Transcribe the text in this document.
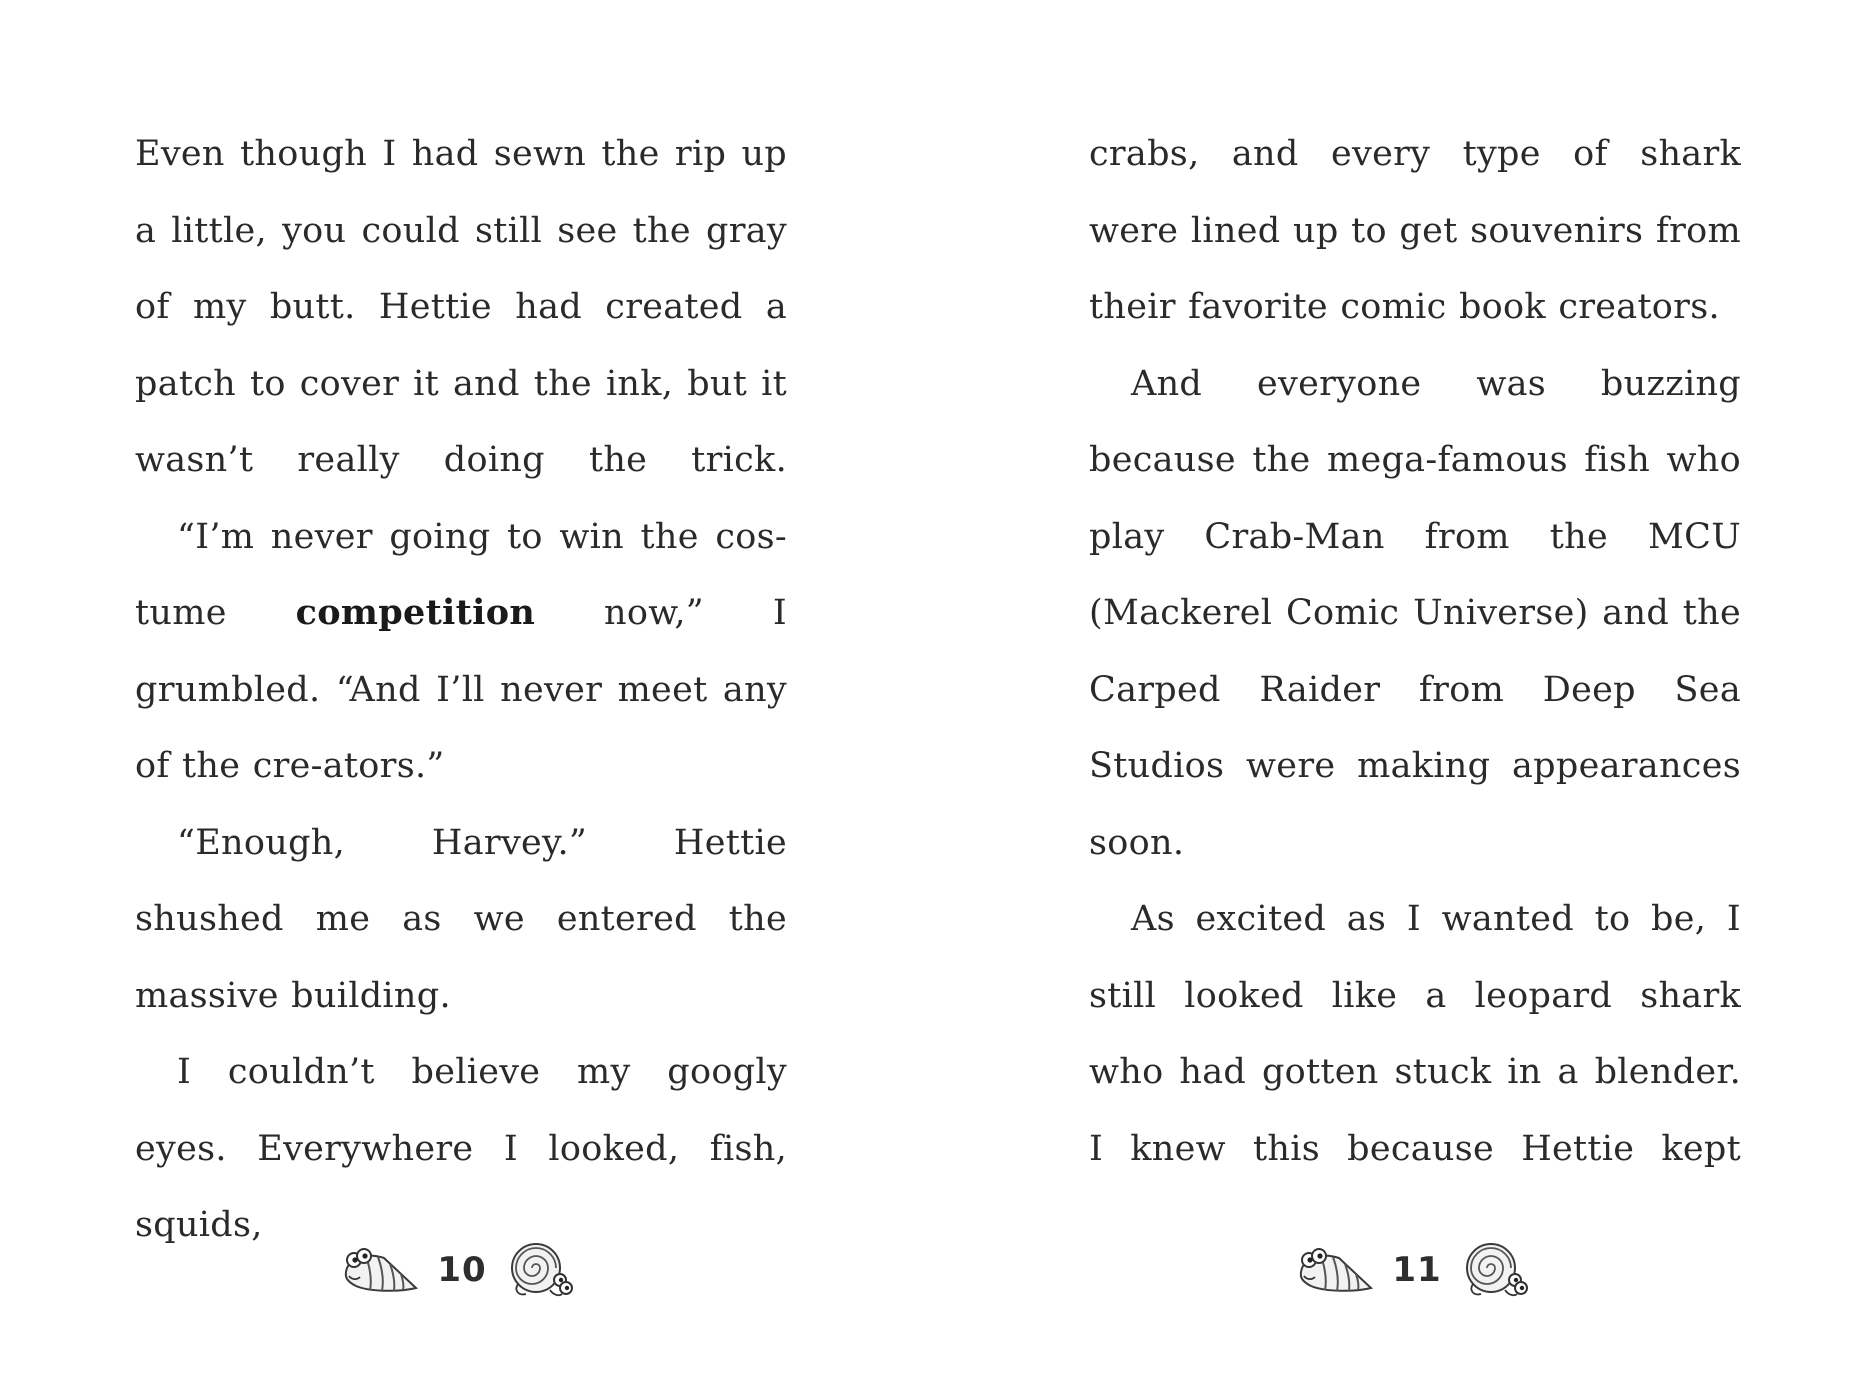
Even though I had sewn the rip up a little, you could still see the gray of my butt. Hettie had created a patch to cover it and the ink, but it wasn’t really doing the trick.

“I’m never going to win the cos-tume competition now,” I grumbled. “And I’ll never meet any of the cre-ators.”

“Enough, Harvey.” Hettie shushed me as we entered the massive building.

I couldn’t believe my googly eyes. Everywhere I looked, fish, squids,

10

crabs, and every type of shark were lined up to get souvenirs from their favorite comic book creators.

And everyone was buzzing because the mega-famous fish who play Crab-Man from the MCU (Mackerel Comic Universe) and the Carped Raider from Deep Sea Studios were making appearances soon.

As excited as I wanted to be, I still looked like a leopard shark who had gotten stuck in a blender. I knew this because Hettie kept

11
